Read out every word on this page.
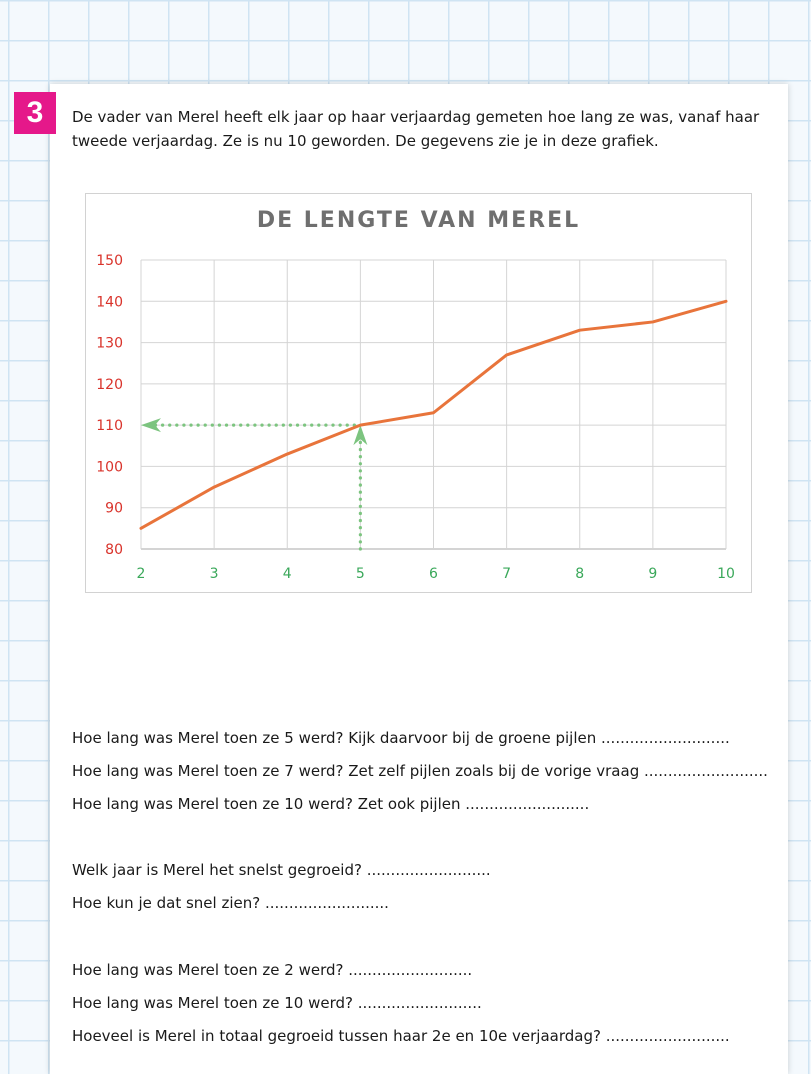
3	De vader van Merel heeft elk jaar op haar verjaardag gemeten hoe lang ze was, vanaf haar
tweede verjaardag. Ze is nu 10 geworden. De gegevens zie je in deze grafiek.
DE LENGTE VAN MEREL
80
90
100
110
120
130
140
150
2	3	4	5	6	7	8	9	10
Hoe lang was Merel toen ze 5 werd? Kijk daarvoor bij de groene pijlen ...........................
Hoe lang was Merel toen ze 7 werd? Zet zelf pijlen zoals bij de vorige vraag ..........................
Hoe lang was Merel toen ze 10 werd? Zet ook pijlen ..........................
Welk jaar is Merel het snelst gegroeid? ..........................
Hoe kun je dat snel zien? ..........................
Hoe lang was Merel toen ze 2 werd? ..........................
Hoe lang was Merel toen ze 10 werd? ..........................
Hoeveel is Merel in totaal gegroeid tussen haar 2e en 10e verjaardag? ..........................
